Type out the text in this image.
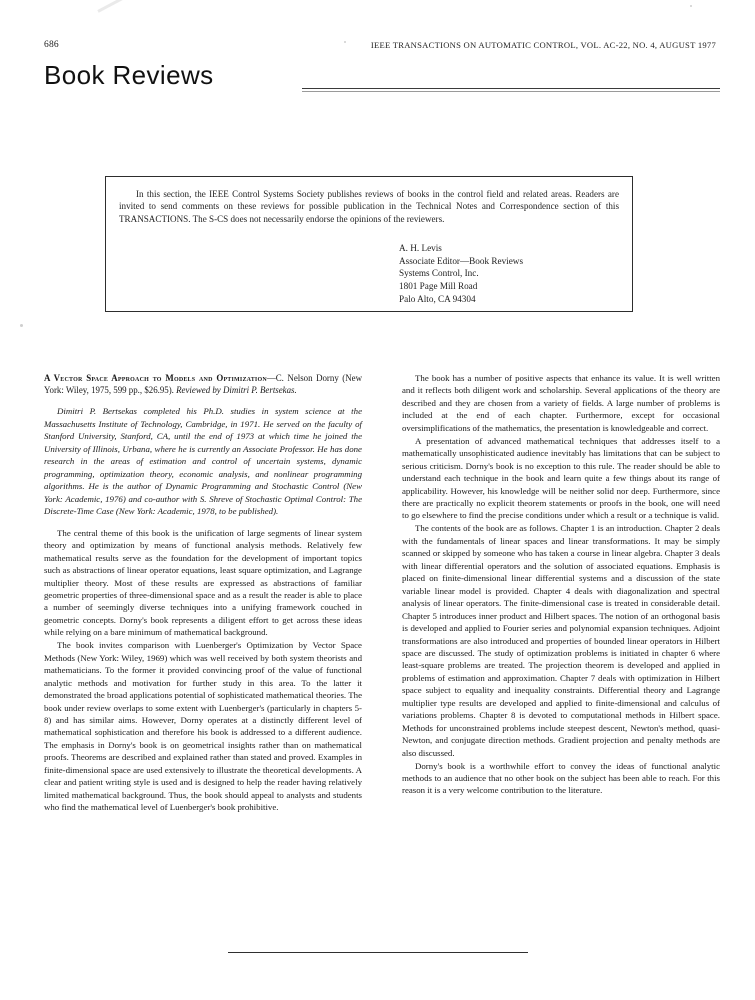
686	IEEE TRANSACTIONS ON AUTOMATIC CONTROL, VOL. AC-22, NO. 4, AUGUST 1977
Book Reviews

In this section, the IEEE Control Systems Society publishes reviews of books in the control field and related areas. Readers are invited to send comments on these reviews for possible publication in the Technical Notes and Correspondence section of this TRANSACTIONS. The S-CS does not necessarily endorse the opinions of the reviewers.

A. H. Levis
Associate Editor—Book Reviews
Systems Control, Inc.
1801 Page Mill Road
Palo Alto, CA 94304

A Vector Space Approach to Models and Optimization—C. Nelson Dorny (New York: Wiley, 1975, 599 pp., $26.95). Reviewed by Dimitri P. Bertsekas.

Dimitri P. Bertsekas completed his Ph.D. studies in system science at the Massachusetts Institute of Technology, Cambridge, in 1971. He served on the faculty of Stanford University, Stanford, CA, until the end of 1973 at which time he joined the University of Illinois, Urbana, where he is currently an Associate Professor. He has done research in the areas of estimation and control of uncertain systems, dynamic programming, optimization theory, economic analysis, and nonlinear programming algorithms. He is the author of Dynamic Programming and Stochastic Control (New York: Academic, 1976) and co-author with S. Shreve of Stochastic Optimal Control: The Discrete-Time Case (New York: Academic, 1978, to be published).

The central theme of this book is the unification of large segments of linear system theory and optimization by means of functional analysis methods. Relatively few mathematical results serve as the foundation for the development of important topics such as abstractions of linear operator equations, least square optimization, and Lagrange multiplier theory. Most of these results are expressed as abstractions of familiar geometric properties of three-dimensional space and as a result the reader is able to place a number of seemingly diverse techniques into a unifying framework couched in geometric concepts. Dorny's book represents a diligent effort to get across these ideas while relying on a bare minimum of mathematical background.

The book invites comparison with Luenberger's Optimization by Vector Space Methods (New York: Wiley, 1969) which was well received by both system theorists and mathematicians. To the former it provided convincing proof of the value of functional analytic methods and motivation for further study in this area. To the latter it demonstrated the broad applications potential of sophisticated mathematical theories. The book under review overlaps to some extent with Luenberger's (particularly in chapters 5-8) and has similar aims. However, Dorny operates at a distinctly different level of mathematical sophistication and therefore his book is addressed to a different audience. The emphasis in Dorny's book is on geometrical insights rather than on mathematical proofs. Theorems are described and explained rather than stated and proved. Examples in finite-dimensional space are used extensively to illustrate the theoretical developments. A clear and patient writing style is used and is designed to help the reader having relatively limited mathematical background. Thus, the book should appeal to analysts and students who find the mathematical level of Luenberger's book prohibitive.

The book has a number of positive aspects that enhance its value. It is well written and it reflects both diligent work and scholarship. Several applications of the theory are described and they are chosen from a variety of fields. A large number of problems is included at the end of each chapter. Furthermore, except for occasional oversimplifications of the mathematics, the presentation is knowledgeable and correct.

A presentation of advanced mathematical techniques that addresses itself to a mathematically unsophisticated audience inevitably has limitations that can be subject to serious criticism. Dorny's book is no exception to this rule. The reader should be able to understand each technique in the book and learn quite a few things about its range of applicability. However, his knowledge will be neither solid nor deep. Furthermore, since there are practically no explicit theorem statements or proofs in the book, one will need to go elsewhere to find the precise conditions under which a result or a technique is valid.

The contents of the book are as follows. Chapter 1 is an introduction. Chapter 2 deals with the fundamentals of linear spaces and linear transformations. It may be simply scanned or skipped by someone who has taken a course in linear algebra. Chapter 3 deals with linear differential operators and the solution of associated equations. Emphasis is placed on finite-dimensional linear differential systems and a discussion of the state variable linear model is provided. Chapter 4 deals with diagonalization and spectral analysis of linear operators. The finite-dimensional case is treated in considerable detail. Chapter 5 introduces inner product and Hilbert spaces. The notion of an orthogonal basis is developed and applied to Fourier series and polynomial expansion techniques. Adjoint transformations are also introduced and properties of bounded linear operators in Hilbert space are discussed. The study of optimization problems is initiated in chapter 6 where least-square problems are treated. The projection theorem is developed and applied in problems of estimation and approximation. Chapter 7 deals with optimization in Hilbert space subject to equality and inequality constraints. Differential theory and Lagrange multiplier type results are developed and applied to finite-dimensional and calculus of variations problems. Chapter 8 is devoted to computational methods in Hilbert space. Methods for unconstrained problems include steepest descent, Newton's method, quasi-Newton, and conjugate direction methods. Gradient projection and penalty methods are also discussed.

Dorny's book is a worthwhile effort to convey the ideas of functional analytic methods to an audience that no other book on the subject has been able to reach. For this reason it is a very welcome contribution to the literature.
